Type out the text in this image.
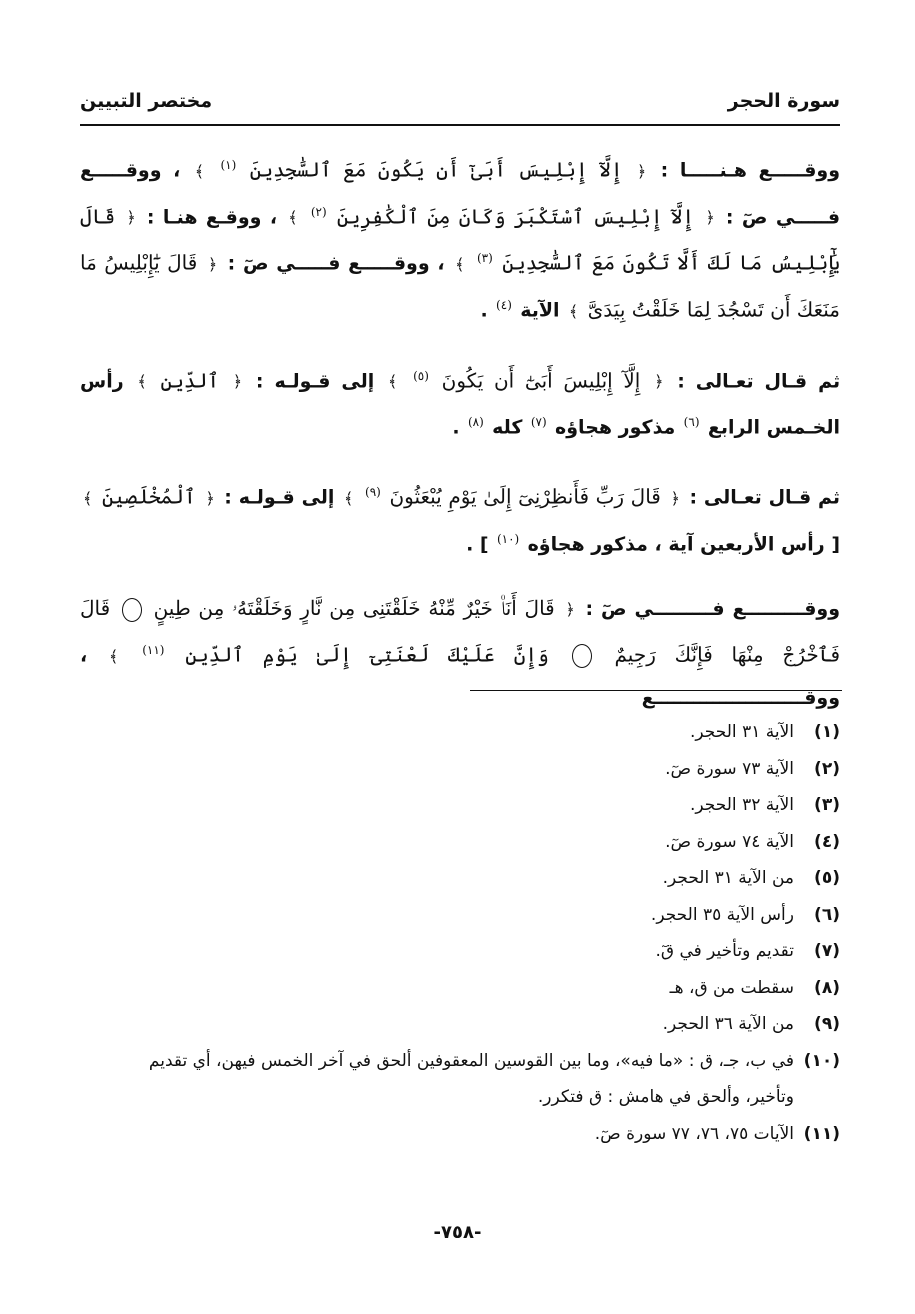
سورة الحجر
مختصر التبيين

ووقـــــع هـنـــــا : ﴿ إِلَّآ إِبْلِيسَ أَبَىٰٓ أَن يَكُونَ مَعَ ٱلسَّٰجِدِينَ $^{(١)}$ ﴾ ، ووقـــــع فـــــي صٓ : ﴿ إِلَّآ إِبْلِيسَ ٱسْتَكْبَرَ وَكَانَ مِنَ ٱلْكَٰفِرِينَ $^{(٢)}$ ﴾ ، ووقـع هنـا : ﴿ قَالَ يَٰٓإِبْلِيسُ مَا لَكَ أَلَّا تَكُونَ مَعَ ٱلسَّٰجِدِينَ $^{(٣)}$ ﴾ ، ووقـــــع فـــــي صٓ : ﴿ قَالَ يَٰٓإِبْلِيسُ مَا مَنَعَكَ أَن تَسْجُدَ لِمَا خَلَقْتُ بِيَدَىَّ ﴾ الآية $^{(٤)}$ .

ثم قـال تعـالى : ﴿ إِلَّآ إِبْلِيسَ أَبَىٰٓ أَن يَكُونَ $^{(٥)}$ ﴾ إلى قـولـه : ﴿ ٱلدِّينِ ﴾ رأس الخـمس الرابع $^{(٦)}$ مذكور هجاؤه $^{(٧)}$ كله $^{(٨)}$ .

ثم قـال تعـالى : ﴿ قَالَ رَبِّ فَأَنظِرْنِىٓ إِلَىٰ يَوْمِ يُبْعَثُونَ $^{(٩)}$ ﴾ إلى قـولـه : ﴿ ٱلْمُخْلَصِينَ ﴾ [ رأس الأربعين آية ، مذكور هجاؤه $^{(١٠)}$ ] .

ووقـــــــــع فـــــــــي صٓ : ﴿ قَالَ أَنَا۠ خَيْرٌ مِّنْهُ خَلَقْتَنِى مِن نَّارٍ وَخَلَقْتَهُۥ مِن طِينٍ  قَالَ فَٱخْرُجْ مِنْهَا فَإِنَّكَ رَجِيمٌ  وَإِنَّ عَلَيْكَ لَعْنَتِىٓ إِلَىٰ يَوْمِ ٱلدِّينِ $^{(١١)}$ ﴾ ، ووقـــــــــــــــــــــــع

(١)
الآية ٣١ الحجر.
(٢)
الآية ٧٣ سورة صٓ.
(٣)
الآية ٣٢ الحجر.
(٤)
الآية ٧٤ سورة صٓ.
(٥)
من الآية ٣١ الحجر.
(٦)
رأس الآية ٣٥ الحجر.
(٧)
تقديم وتأخير في قٓ.
(٨)
سقطت من ق، هـ
(٩)
من الآية ٣٦ الحجر.
(١٠)
في ب، جـ، ق : «ما فيه»، وما بين القوسين المعقوفين ألحق في آخر الخمس فيهن، أي تقديم
وتأخير، وألحق في هامش : ق فتكرر.
(١١)
الآيات ٧٥، ٧٦، ٧٧ سورة صٓ.
-٧٥٨-
